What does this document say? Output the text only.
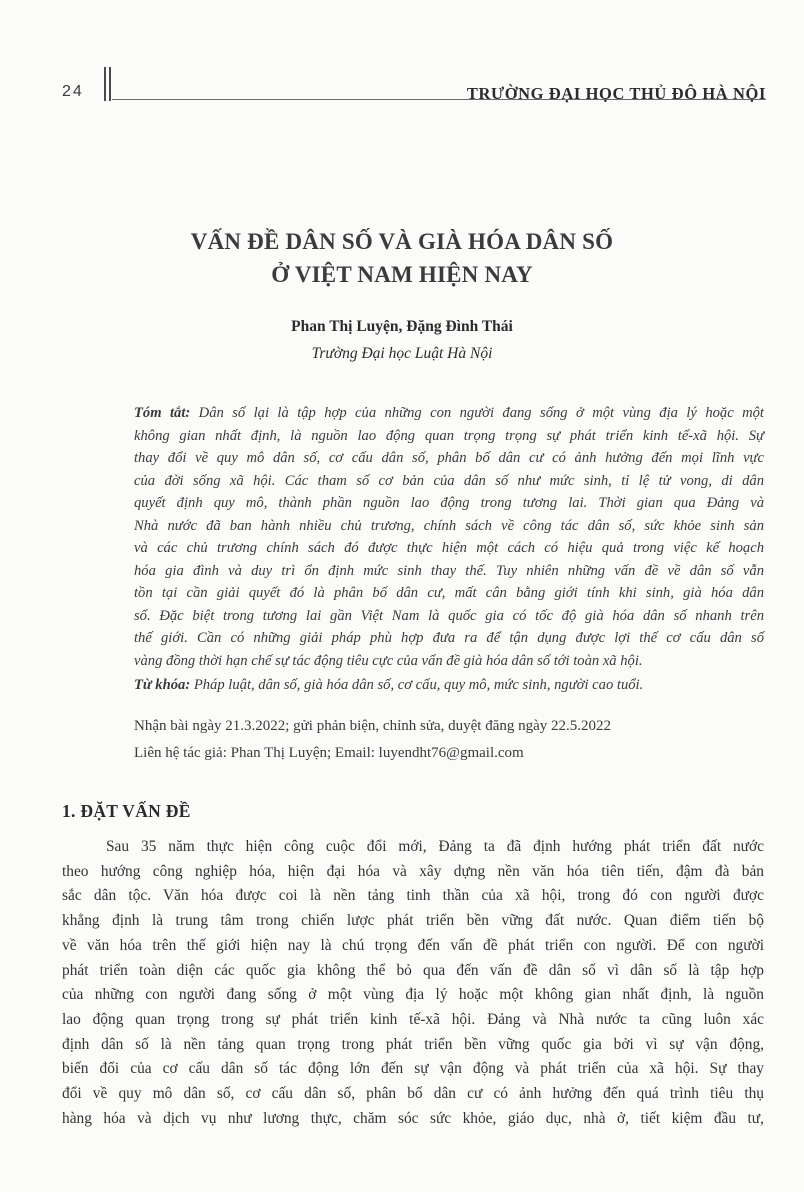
24	TRƯỜNG ĐẠI HỌC THỦ ĐÔ HÀ NỘI
VẤN ĐỀ DÂN SỐ VÀ GIÀ HÓA DÂN SỐ
Ở VIỆT NAM HIỆN NAY
Phan Thị Luyện, Đặng Đình Thái
Trường Đại học Luật Hà Nội
Tóm tắt: Dân số lại là tập hợp của những con người đang sống ở một vùng địa lý hoặc một
không gian nhất định, là nguồn lao động quan trọng trọng sự phát triển kinh tế-xã hội. Sự
thay đổi về quy mô dân số, cơ cấu dân số, phân bố dân cư có ảnh hưởng đến mọi lĩnh vực
của đời sống xã hội. Các tham số cơ bản của dân số như mức sinh, tỉ lệ tử vong, di dân
quyết định quy mô, thành phần nguồn lao động trong tương lai. Thời gian qua Đảng và
Nhà nước đã ban hành nhiều chủ trương, chính sách về công tác dân số, sức khỏe sinh sản
và các chủ trương chính sách đó được thực hiện một cách có hiệu quả trong việc kế hoạch
hóa gia đình và duy trì ổn định mức sinh thay thế. Tuy nhiên những vấn đề về dân số vẫn
tồn tại cần giải quyết đó là phân bố dân cư, mất cân bằng giới tính khi sinh, già hóa dân
số. Đặc biệt trong tương lai gần Việt Nam là quốc gia có tốc độ già hóa dân số nhanh trên
thế giới. Cần có những giải pháp phù hợp đưa ra để tận dụng được lợi thế cơ cấu dân số
vàng đồng thời hạn chế sự tác động tiêu cực của vấn đề già hóa dân số tới toàn xã hội.
Từ khóa: Pháp luật, dân số, già hóa dân số, cơ cấu, quy mô, mức sinh, người cao tuổi.
Nhận bài ngày 21.3.2022; gửi phản biện, chỉnh sửa, duyệt đăng ngày 22.5.2022
Liên hệ tác giả: Phan Thị Luyện; Email: luyendht76@gmail.com
1. ĐẶT VẤN ĐỀ
Sau 35 năm thực hiện công cuộc đổi mới, Đảng ta đã định hướng phát triển đất nước
theo hướng công nghiệp hóa, hiện đại hóa và xây dựng nền văn hóa tiên tiến, đậm đà bản
sắc dân tộc. Văn hóa được coi là nền tảng tinh thần của xã hội, trong đó con người được
khẳng định là trung tâm trong chiến lược phát triển bền vững đất nước. Quan điểm tiến bộ
về văn hóa trên thế giới hiện nay là chú trọng đến vấn đề phát triển con người. Để con người
phát triển toàn diện các quốc gia không thể bỏ qua đến vấn đề dân số vì dân số là tập hợp
của những con người đang sống ở một vùng địa lý hoặc một không gian nhất định, là nguồn
lao động quan trọng trong sự phát triển kinh tế-xã hội. Đảng và Nhà nước ta cũng luôn xác
định dân số là nền tảng quan trọng trong phát triển bền vững quốc gia bởi vì sự vận động,
biến đổi của cơ cấu dân số tác động lớn đến sự vận động và phát triển của xã hội. Sự thay
đổi về quy mô dân số, cơ cấu dân số, phân bố dân cư có ảnh hưởng đến quá trình tiêu thụ
hàng hóa và dịch vụ như lương thực, chăm sóc sức khỏe, giáo dục, nhà ở, tiết kiệm đầu tư,
